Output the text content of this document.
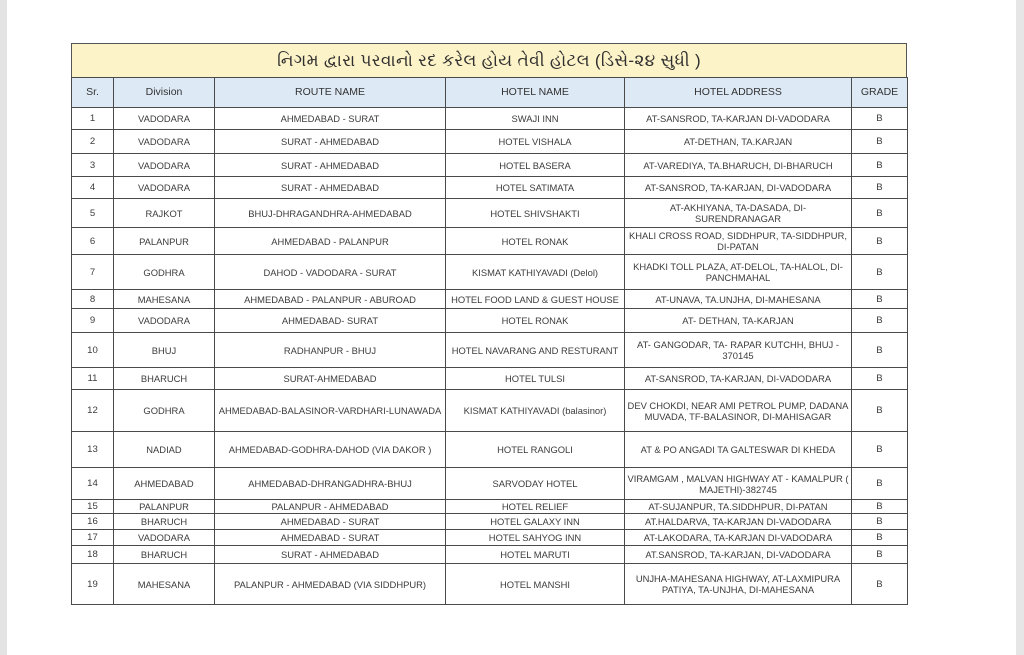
નિગમ દ્વારા પરવાનો રદ કરેલ હોય તેવી હોટલ (ડિસે-૨૪ સુધી )
Sr.	Division	ROUTE NAME	HOTEL NAME	HOTEL ADDRESS	GRADE
1	VADODARA	AHMEDABAD - SURAT	SWAJI INN	AT-SANSROD, TA-KARJAN DI-VADODARA	B
2	VADODARA	SURAT - AHMEDABAD	HOTEL VISHALA	AT-DETHAN, TA.KARJAN	B
3	VADODARA	SURAT - AHMEDABAD	HOTEL BASERA	AT-VAREDIYA, TA.BHARUCH, DI-BHARUCH	B
4	VADODARA	SURAT - AHMEDABAD	HOTEL SATIMATA	AT-SANSROD, TA-KARJAN, DI-VADODARA	B
5	RAJKOT	BHUJ-DHRAGANDHRA-AHMEDABAD	HOTEL SHIVSHAKTI	AT-AKHIYANA, TA-DASADA, DI-SURENDRANAGAR	B
6	PALANPUR	AHMEDABAD - PALANPUR	HOTEL RONAK	KHALI CROSS ROAD, SIDDHPUR, TA-SIDDHPUR, DI-PATAN	B
7	GODHRA	DAHOD - VADODARA - SURAT	KISMAT KATHIYAVADI (Delol)	KHADKI TOLL PLAZA, AT-DELOL, TA-HALOL, DI-PANCHMAHAL	B
8	MAHESANA	AHMEDABAD - PALANPUR - ABUROAD	HOTEL FOOD LAND & GUEST HOUSE	AT-UNAVA, TA.UNJHA, DI-MAHESANA	B
9	VADODARA	AHMEDABAD- SURAT	HOTEL RONAK	AT- DETHAN, TA-KARJAN	B
10	BHUJ	RADHANPUR - BHUJ	HOTEL NAVARANG AND RESTURANT	AT- GANGODAR, TA- RAPAR KUTCHH, BHUJ - 370145	B
11	BHARUCH	SURAT-AHMEDABAD	HOTEL TULSI	AT-SANSROD, TA-KARJAN, DI-VADODARA	B
12	GODHRA	AHMEDABAD-BALASINOR-VARDHARI-LUNAWADA	KISMAT KATHIYAVADI (balasinor)	DEV CHOKDI, NEAR AMI PETROL PUMP, DADANA MUVADA, TF-BALASINOR, DI-MAHISAGAR	B
13	NADIAD	AHMEDABAD-GODHRA-DAHOD (VIA DAKOR )	HOTEL RANGOLI	AT & PO ANGADI TA GALTESWAR DI KHEDA	B
14	AHMEDABAD	AHMEDABAD-DHRANGADHRA-BHUJ	SARVODAY HOTEL	VIRAMGAM , MALVAN HIGHWAY AT - KAMALPUR ( MAJETHI)-382745	B
15	PALANPUR	PALANPUR - AHMEDABAD	HOTEL RELIEF	AT-SUJANPUR, TA.SIDDHPUR, DI-PATAN	B
16	BHARUCH	AHMEDABAD - SURAT	HOTEL GALAXY INN	AT.HALDARVA, TA-KARJAN DI-VADODARA	B
17	VADODARA	AHMEDABAD - SURAT	HOTEL SAHYOG INN	AT-LAKODARA, TA-KARJAN DI-VADODARA	B
18	BHARUCH	SURAT - AHMEDABAD	HOTEL MARUTI	AT.SANSROD, TA-KARJAN, DI-VADODARA	B
19	MAHESANA	PALANPUR - AHMEDABAD (VIA SIDDHPUR)	HOTEL MANSHI	UNJHA-MAHESANA HIGHWAY, AT-LAXMIPURA PATIYA, TA-UNJHA, DI-MAHESANA	B
